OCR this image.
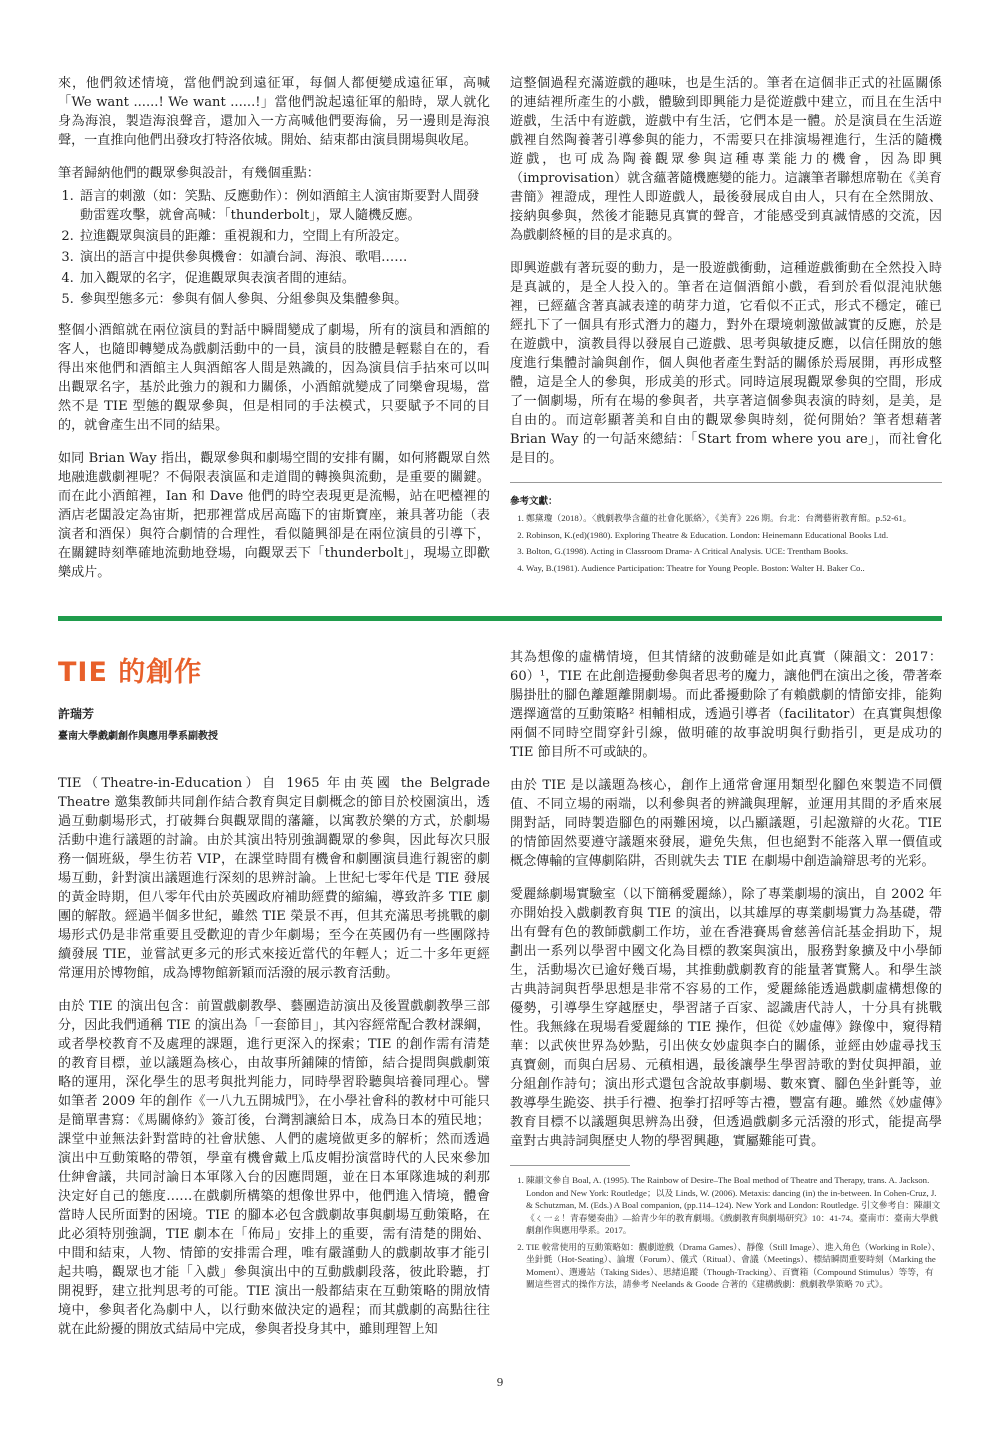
來，他們敘述情境，當他們說到遠征軍，每個人都便變成遠征軍，高喊「We want ......! We want ......!」當他們說起遠征軍的船時，眾人就化身為海浪，製造海浪聲音，還加入一方高喊他們要海倫，另一邊則是海浪聲，一直推向他們出發攻打特洛依城。開始、結束都由演員開場與收尾。

筆者歸納他們的觀眾參與設計，有幾個重點：

1. 語言的刺激（如：笑點、反應動作）：例如酒館主人演宙斯要對人間發動雷霆攻擊，就會高喊：「thunderbolt」，眾人隨機反應。
2. 拉進觀眾與演員的距離：重視親和力，空間上有所設定。
3. 演出的語言中提供參與機會：如讀台詞、海浪、歌唱……
4. 加入觀眾的名字，促進觀眾與表演者間的連結。
5. 參與型態多元：參與有個人參與、分組參與及集體參與。

整個小酒館就在兩位演員的對話中瞬間變成了劇場，所有的演員和酒館的客人，也隨即轉變成為戲劇活動中的一員，演員的肢體是輕鬆自在的，看得出來他們和酒館主人與酒館客人間是熟識的，因為演員信手拈來可以叫出觀眾名字，基於此強力的親和力關係，小酒館就變成了同樂會現場，當然不是 TIE 型態的觀眾參與，但是相同的手法模式，只要賦予不同的目的，就會產生出不同的結果。

如同 Brian Way 指出，觀眾參與和劇場空間的安排有關，如何將觀眾自然地融進戲劇裡呢？不侷限表演區和走道間的轉換與流動，是重要的關鍵。而在此小酒館裡，Ian 和 Dave 他們的時空表現更是流暢，站在吧檯裡的酒店老闆設定為宙斯，把那裡當成居高臨下的宙斯寶座，兼具著功能（表演者和酒保）與符合劇情的合理性，看似隨興卻是在兩位演員的引導下，在關鍵時刻準確地流動地登場，向觀眾丟下「thunderbolt」，現場立即歡樂成片。

這整個過程充滿遊戲的趣味，也是生活的。筆者在這個非正式的社區關係的連結裡所產生的小戲，體驗到即興能力是從遊戲中建立，而且在生活中遊戲，生活中有遊戲，遊戲中有生活，它們本是一體。於是演員在生活遊戲裡自然陶養著引導參與的能力，不需要只在排演場裡進行，生活的隨機遊戲，也可成為陶養觀眾參與這種專業能力的機會，因為即興（improvisation）就含蘊著隨機應變的能力。這讓筆者聯想席勒在《美育書簡》裡證成，理性人即遊戲人，最後發展成自由人，只有在全然開放、接納與參與，然後才能聽見真實的聲音，才能感受到真誠情感的交流，因為戲劇終極的目的是求真的。

即興遊戲有著玩耍的動力，是一股遊戲衝動，這種遊戲衝動在全然投入時是真誠的，是全人投入的。筆者在這個酒館小戲，看到於看似混沌狀態裡，已經蘊含著真誠表達的萌芽力道，它看似不正式，形式不穩定，確已經扎下了一個具有形式潛力的趨力，對外在環境刺激做誠實的反應，於是在遊戲中，演教員得以發展自己遊戲、思考與敏捷反應，以信任開放的態度進行集體討論與創作，個人與他者產生對話的關係於焉展開，再形成整體，這是全人的參與，形成美的形式。同時這展現觀眾參與的空間，形成了一個劇場，所有在場的參與者，共享著這個參與表演的時刻，是美，是自由的。而這彰顯著美和自由的觀眾參與時刻，從何開始？筆者想藉著 Brian Way 的一句話來總結：「Start from where you are」，而社會化是目的。

參考文獻：
1. 鄭黛瓊（2018）。〈戲劇教學含蘊的社會化脈絡〉，《美育》226 期。台北：台灣藝術教育館。p.52-61。
2. Robinson, K.(ed)(1980). Exploring Theatre & Education. London: Heinemann Educational Books Ltd.
3. Bolton, G.(1998). Acting in Classroom Drama- A Critical Analysis. UCE: Trentham Books.
4. Way, B.(1981). Audience Participation: Theatre for Young People. Boston: Walter H. Baker Co..
TIE 的創作
許瑞芳
臺南大學戲劇創作與應用學系副教授

TIE（Theatre-in-Education）自 1965 年由英國 the Belgrade Theatre 邀集教師共同創作結合教育與定目劇概念的節目於校園演出，透過互動劇場形式，打破舞台與觀眾間的藩籬，以寓教於樂的方式，於劇場活動中進行議題的討論。由於其演出特別強調觀眾的參與，因此每次只服務一個班級，學生彷若 VIP，在課堂時間有機會和劇團演員進行親密的劇場互動，針對演出議題進行深刻的思辨討論。上世紀七零年代是 TIE 發展的黃金時期，但八零年代由於英國政府補助經費的縮編，導致許多 TIE 劇團的解散。經過半個多世紀，雖然 TIE 榮景不再，但其充滿思考挑戰的劇場形式仍是非常重要且受歡迎的青少年劇場；至今在英國仍有一些團隊持續發展 TIE，並嘗試更多元的形式來接近當代的年輕人；近二十多年更經常運用於博物館，成為博物館新穎而活潑的展示教育活動。

由於 TIE 的演出包含：前置戲劇教學、藝團造訪演出及後置戲劇教學三部分，因此我們通稱 TIE 的演出為「一套節目」，其內容經常配合教材課綱，或者學校教育不及處理的課題，進行更深入的探索；TIE 的創作需有清楚的教育目標，並以議題為核心，由故事所鋪陳的情節，結合提問與戲劇策略的運用，深化學生的思考與批判能力，同時學習聆聽與培養同理心。譬如筆者 2009 年的創作《一八九五開城門》，在小學社會科的教材中可能只是簡單書寫：《馬關條約》簽訂後，台灣割讓給日本，成為日本的殖民地；課堂中並無法針對當時的社會狀態、人們的處境做更多的解析；然而透過演出中互動策略的帶領，學童有機會戴上瓜皮帽扮演當時代的人民來參加仕紳會議，共同討論日本軍隊入台的因應問題，並在日本軍隊進城的剎那決定好自己的態度……在戲劇所構築的想像世界中，他們進入情境，體會當時人民所面對的困境。TIE 的腳本必包含戲劇故事與劇場互動策略，在此必須特別強調，TIE 劇本在「佈局」安排上的重要，需有清楚的開始、中間和結束，人物、情節的安排需合理，唯有嚴謹動人的戲劇故事才能引起共鳴，觀眾也才能「入戲」參與演出中的互動戲劇段落，彼此聆聽，打開視野，建立批判思考的可能。TIE 演出一般都結束在互動策略的開放情境中，參與者化為劇中人，以行動來做決定的過程；而其戲劇的高點往往就在此紛擾的開放式結局中完成，參與者投身其中，雖則理智上知

其為想像的虛構情境，但其情緒的波動確是如此真實（陳韻文：2017：60）¹，TIE 在此創造擾動參與者思考的魔力，讓他們在演出之後，帶著牽腸掛肚的腳色離題離開劇場。而此番擾動除了有賴戲劇的情節安排，能夠選擇適當的互動策略² 相輔相成，透過引導者（facilitator）在真實與想像兩個不同時空間穿針引線，做明確的故事說明與行動指引，更是成功的 TIE 節目所不可或缺的。

由於 TIE 是以議題為核心，創作上通常會運用類型化腳色來製造不同價值、不同立場的兩端，以利參與者的辨識與理解，並運用其間的矛盾來展開對話，同時製造腳色的兩難困境，以凸顯議題，引起激辯的火花。TIE 的情節固然要遵守議題來發展，避免失焦，但也絕對不能落入單一價值或概念傳輸的宣傳劇陷阱，否則就失去 TIE 在劇場中創造論辯思考的光彩。

愛麗絲劇場實驗室（以下簡稱愛麗絲），除了專業劇場的演出，自 2002 年亦開始投入戲劇教育與 TIE 的演出，以其雄厚的專業劇場實力為基礎，帶出有聲有色的教師戲劇工作坊，並在香港賽馬會慈善信託基金捐助下，規劃出一系列以學習中國文化為目標的教案與演出，服務對象擴及中小學師生，活動場次已逾好幾百場，其推動戲劇教育的能量著實驚人。和學生談古典詩詞與哲學思想是非常不容易的工作，愛麗絲能透過戲劇虛構想像的優勢，引導學生穿越歷史，學習諸子百家、認識唐代詩人，十分具有挑戰性。我無緣在現場看愛麗絲的 TIE 操作，但從《妙虛傳》錄像中，窺得精華：以武俠世界為妙點，引出俠女妙虛與李白的關係，並經由妙虛尋找玉真寶劍，而與白居易、元稹相遇，最後讓學生學習詩歌的對仗與押韻，並分組創作詩句；演出形式還包含說故事劇場、數來寶、腳色坐針氈等，並教導學生跪姿、拱手行禮、抱拳打招呼等古禮，豐富有趣。雖然《妙虛傳》教育目標不以議題與思辨為出發，但透過戲劇多元活潑的形式，能提高學童對古典詩詞與歷史人物的學習興趣，實屬難能可貴。

1. 陳韻文參自 Boal, A. (1995). The Rainbow of Desire–The Boal method of Theatre and Therapy, trans. A. Jackson. London and New York: Routledge；以及 Linds, W. (2006). Metaxis: dancing (in) the in-between. In Cohen-Cruz, J. & Schutzman, M. (Eds.) A Boal companion, (pp.114–124). New York and London: Routledge. 引文參考自：陳韻文《ㄑ一ㄠ！青春變奏曲》—給青少年的教育劇場。《戲劇教育與劇場研究》10：41-74。臺南市：臺南大學戲劇創作與應用學系。2017。
2. TIE 較常使用的互動策略如：觀劇遊戲（Drama Games）、靜像（Still Image）、進入角色（Working in Role）、坐針氈（Hot-Seating）、論壇（Forum）、儀式（Ritual）、會議（Meetings）、標結瞬間重要時刻（Marking the Moment）、選邊站（Taking Sides）、思緒追蹤（Though-Tracking）、百寶箱（Compound Stimulus）等等，有關這些習式的操作方法，請參考 Neelands & Goode 合著的《建構戲劇：戲劇教學策略 70 式》。
9
